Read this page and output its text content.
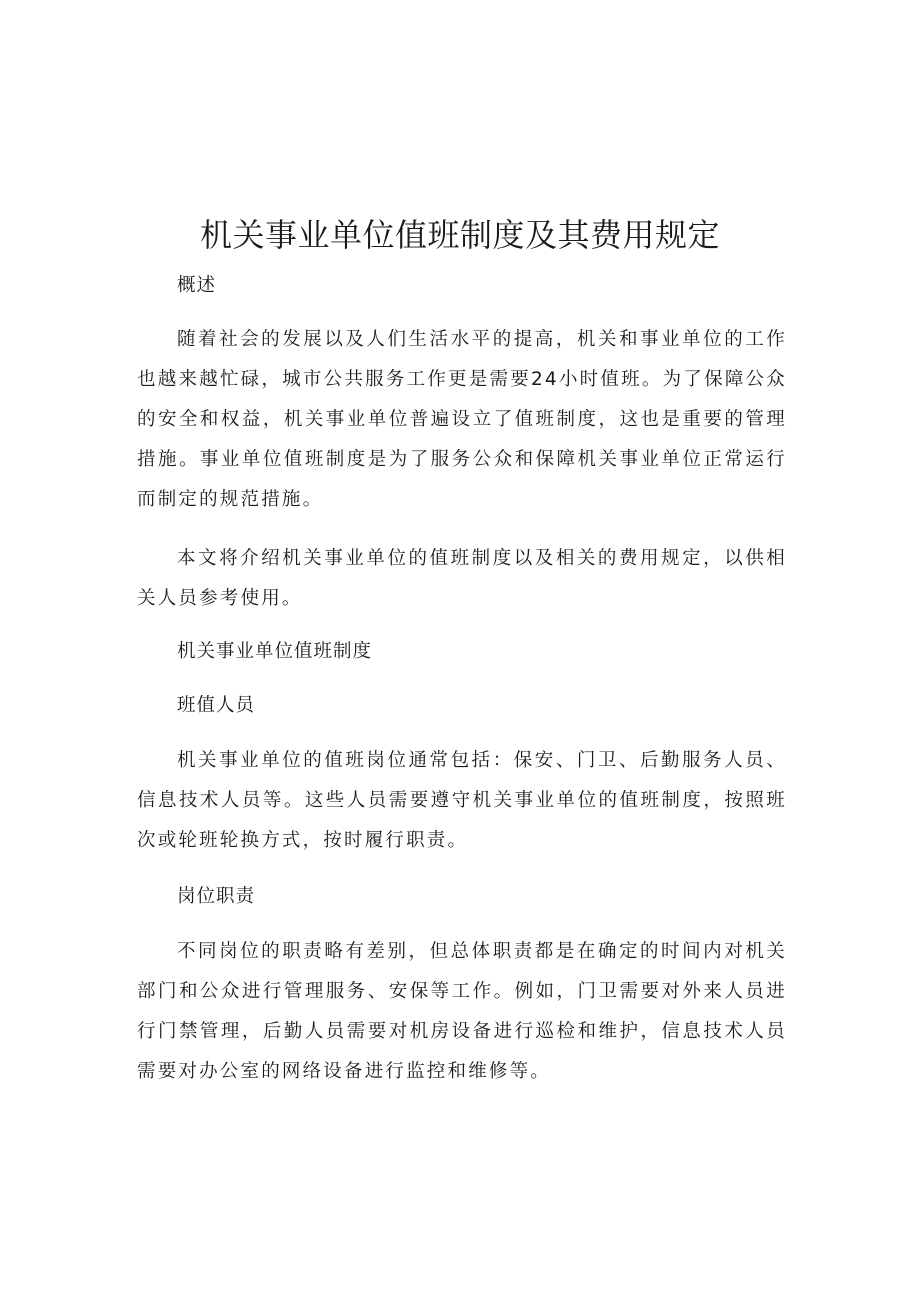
机关事业单位值班制度及其费用规定

概述

随着社会的发展以及人们生活水平的提高，机关和事业单位的工作也越来越忙碌，城市公共服务工作更是需要24小时值班。为了保障公众的安全和权益，机关事业单位普遍设立了值班制度，这也是重要的管理措施。事业单位值班制度是为了服务公众和保障机关事业单位正常运行而制定的规范措施。

本文将介绍机关事业单位的值班制度以及相关的费用规定，以供相关人员参考使用。

机关事业单位值班制度

班值人员

机关事业单位的值班岗位通常包括：保安、门卫、后勤服务人员、信息技术人员等。这些人员需要遵守机关事业单位的值班制度，按照班次或轮班轮换方式，按时履行职责。

岗位职责

不同岗位的职责略有差别，但总体职责都是在确定的时间内对机关部门和公众进行管理服务、安保等工作。例如，门卫需要对外来人员进行门禁管理，后勤人员需要对机房设备进行巡检和维护，信息技术人员需要对办公室的网络设备进行监控和维修等。
